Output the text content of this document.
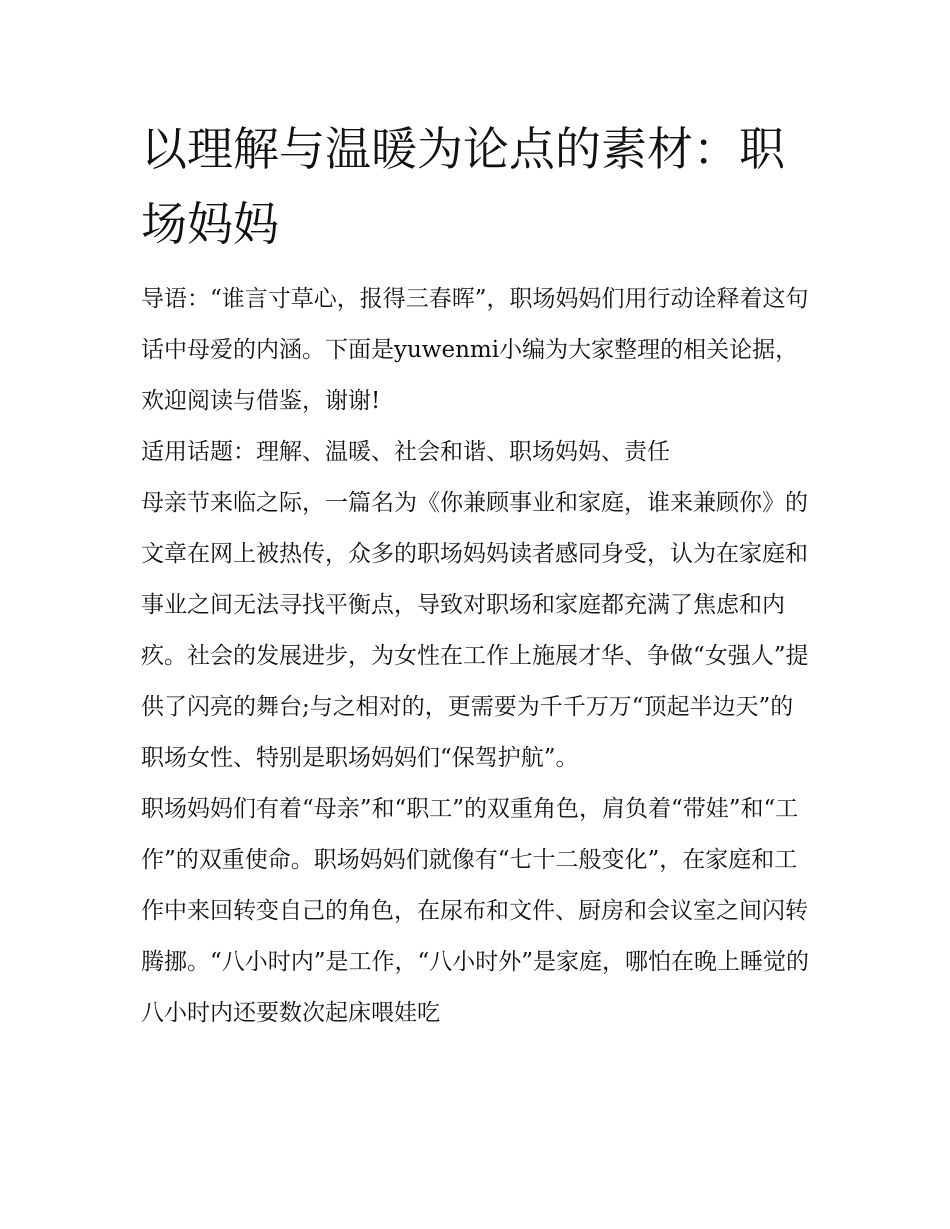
以理解与温暖为论点的素材：职场妈妈

导语：“谁言寸草心，报得三春晖”，职场妈妈们用行动诠释着这句话中母爱的内涵。下面是yuwenmi小编为大家整理的相关论据，欢迎阅读与借鉴，谢谢!

适用话题：理解、温暖、社会和谐、职场妈妈、责任

母亲节来临之际，一篇名为《你兼顾事业和家庭，谁来兼顾你》的文章在网上被热传，众多的职场妈妈读者感同身受，认为在家庭和事业之间无法寻找平衡点，导致对职场和家庭都充满了焦虑和内疚。社会的发展进步，为女性在工作上施展才华、争做“女强人”提供了闪亮的舞台;与之相对的，更需要为千千万万“顶起半边天”的职场女性、特别是职场妈妈们“保驾护航”。

职场妈妈们有着“母亲”和“职工”的双重角色，肩负着“带娃”和“工作”的双重使命。职场妈妈们就像有“七十二般变化”，在家庭和工作中来回转变自己的角色，在尿布和文件、厨房和会议室之间闪转腾挪。“八小时内”是工作，“八小时外”是家庭，哪怕在晚上睡觉的八小时内还要数次起床喂娃吃
